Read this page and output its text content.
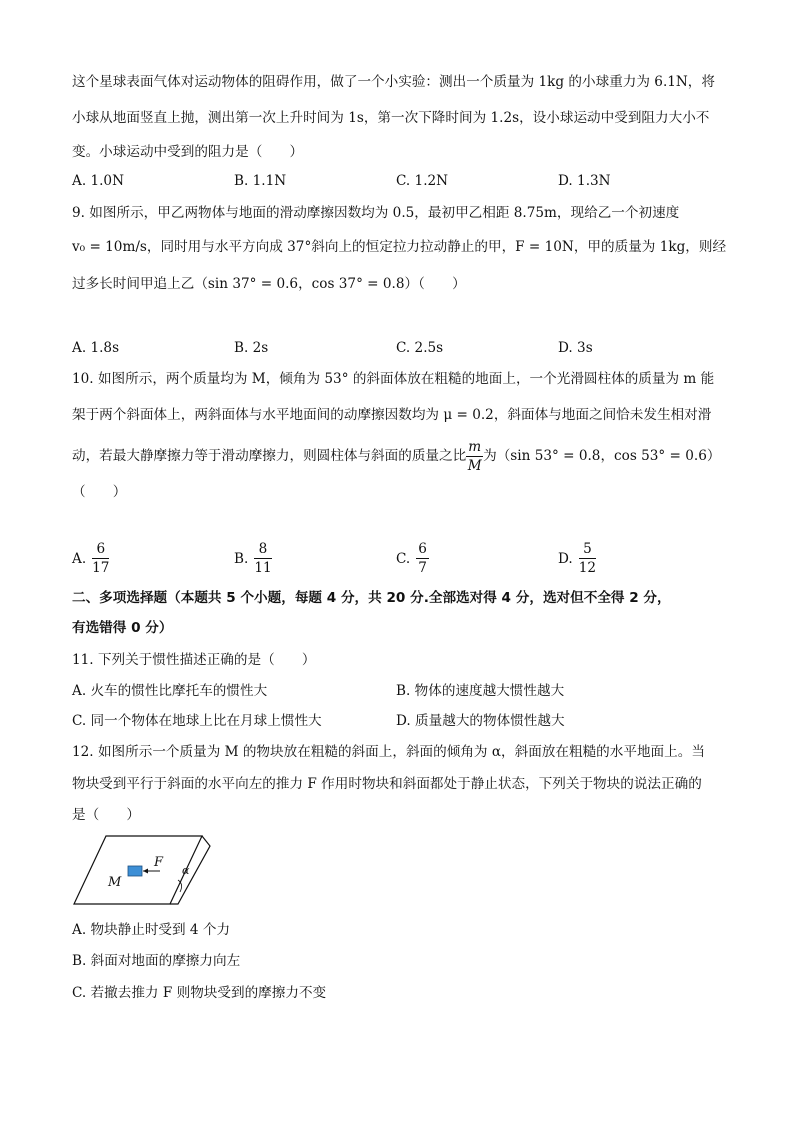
这个星球表面气体对运动物体的阻碍作用，做了一个小实验：测出一个质量为 1kg 的小球重力为 6.1N，将
小球从地面竖直上抛，测出第一次上升时间为 1s，第一次下降时间为 1.2s，设小球运动中受到阻力大小不
变。小球运动中受到的阻力是（　　）
A. 1.0N	B. 1.1N	C. 1.2N	D. 1.3N
9. 如图所示，甲乙两物体与地面的滑动摩擦因数均为 0.5，最初甲乙相距 8.75m，现给乙一个初速度
v₀ = 10m/s，同时用与水平方向成 37°斜向上的恒定拉力拉动静止的甲，F = 10N，甲的质量为 1kg，则经
过多长时间甲追上乙（sin 37° = 0.6，cos 37° = 0.8）（　　）
A. 1.8s	B. 2s	C. 2.5s	D. 3s
10. 如图所示，两个质量均为 M，倾角为 53° 的斜面体放在粗糙的地面上，一个光滑圆柱体的质量为 m 能
架于两个斜面体上，两斜面体与水平地面间的动摩擦因数均为 μ = 0.2，斜面体与地面之间恰未发生相对滑
动，若最大静摩擦力等于滑动摩擦力，则圆柱体与斜面的质量之比 $\frac{m}{M}$ 为（sin 53° = 0.8，cos 53° = 0.6）
（　　）
A. $\frac{6}{17}$	B. $\frac{8}{11}$	C. $\frac{6}{7}$	D. $\frac{5}{12}$
二、多项选择题（本题共 5 个小题，每题 4 分，共 20 分.全部选对得 4 分，选对但不全得 2 分，
有选错得 0 分）
11. 下列关于惯性描述正确的是（　　）
A. 火车的惯性比摩托车的惯性大	B. 物体的速度越大惯性越大
C. 同一个物体在地球上比在月球上惯性大	D. 质量越大的物体惯性越大
12. 如图所示一个质量为 M 的物块放在粗糙的斜面上，斜面的倾角为 α，斜面放在粗糙的水平地面上。当
物块受到平行于斜面的水平向左的推力 F 作用时物块和斜面都处于静止状态，下列关于物块的说法正确的
是（　　）
M
F
α
A. 物块静止时受到 4 个力
B. 斜面对地面的摩擦力向左
C. 若撤去推力 F 则物块受到的摩擦力不变
